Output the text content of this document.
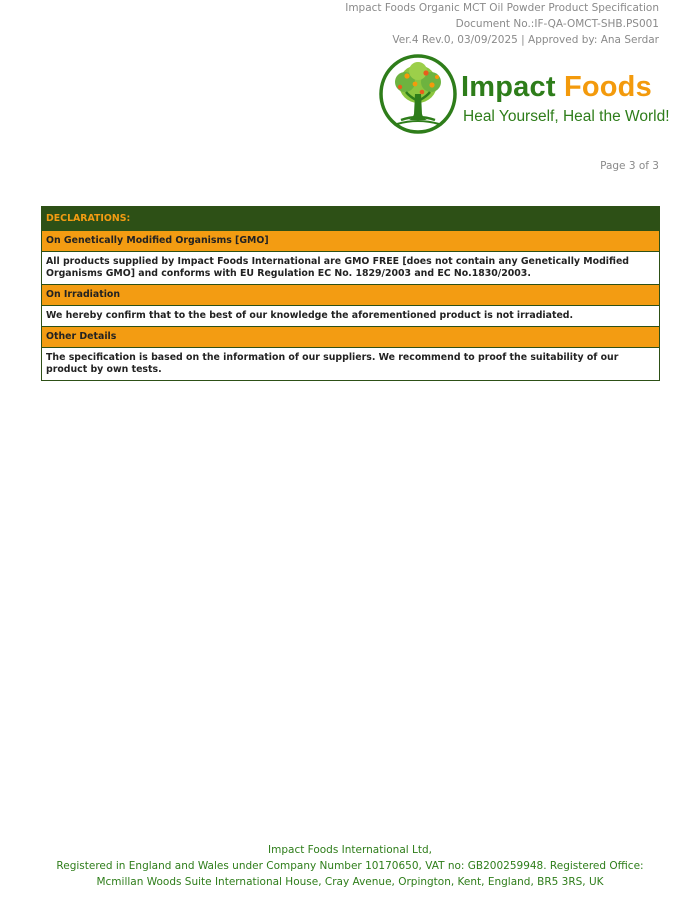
Impact Foods Organic MCT Oil Powder Product Specification
Document No.:IF-QA-OMCT-SHB.PS001
Ver.4 Rev.0, 03/09/2025 | Approved by: Ana Serdar
Impact Foods
Heal Yourself, Heal the World!
Page 3 of 3
DECLARATIONS:
On Genetically Modified Organisms [GMO]
All products supplied by Impact Foods International are GMO FREE [does not contain any Genetically Modified Organisms GMO] and conforms with EU Regulation EC No. 1829/2003 and EC No.1830/2003.
On Irradiation
We hereby confirm that to the best of our knowledge the aforementioned product is not irradiated.
Other Details
The specification is based on the information of our suppliers. We recommend to proof the suitability of our product by own tests.
Impact Foods International Ltd,
Registered in England and Wales under Company Number 10170650, VAT no: GB200259948. Registered Office:
Mcmillan Woods Suite International House, Cray Avenue, Orpington, Kent, England, BR5 3RS, UK
